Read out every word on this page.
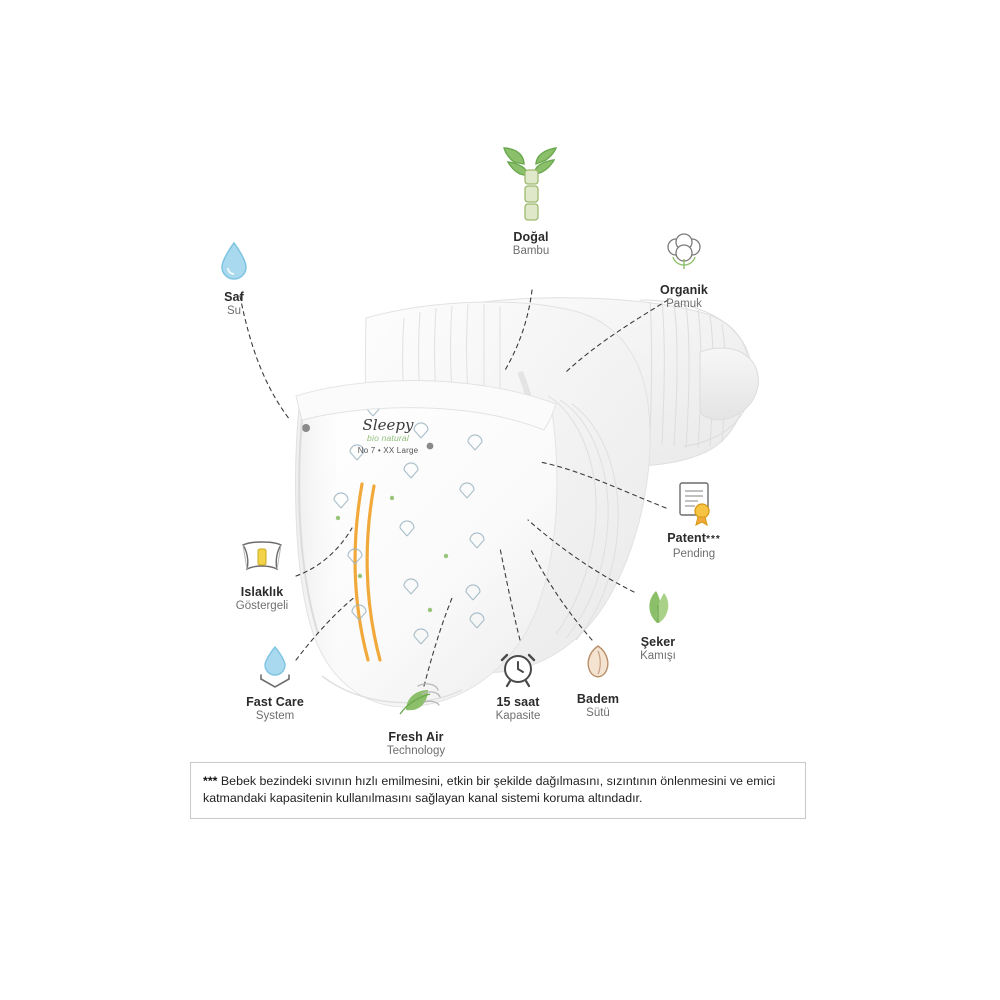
Sleepy
bio natural
No 7 • XX Large
Saf
Su
Doğal
Bambu
Organik
Pamuk
Patent***
Pending
Şeker
Kamışı
Badem
Sütü
15 saat
Kapasite
Fresh Air
Technology
Fast Care
System
Islaklık
Göstergeli
*** Bebek bezindeki sıvının hızlı emilmesini, etkin bir şekilde dağılmasını, sızıntının önlenmesini ve emici katmandaki kapasitenin kullanılmasını sağlayan kanal sistemi koruma altındadır.
